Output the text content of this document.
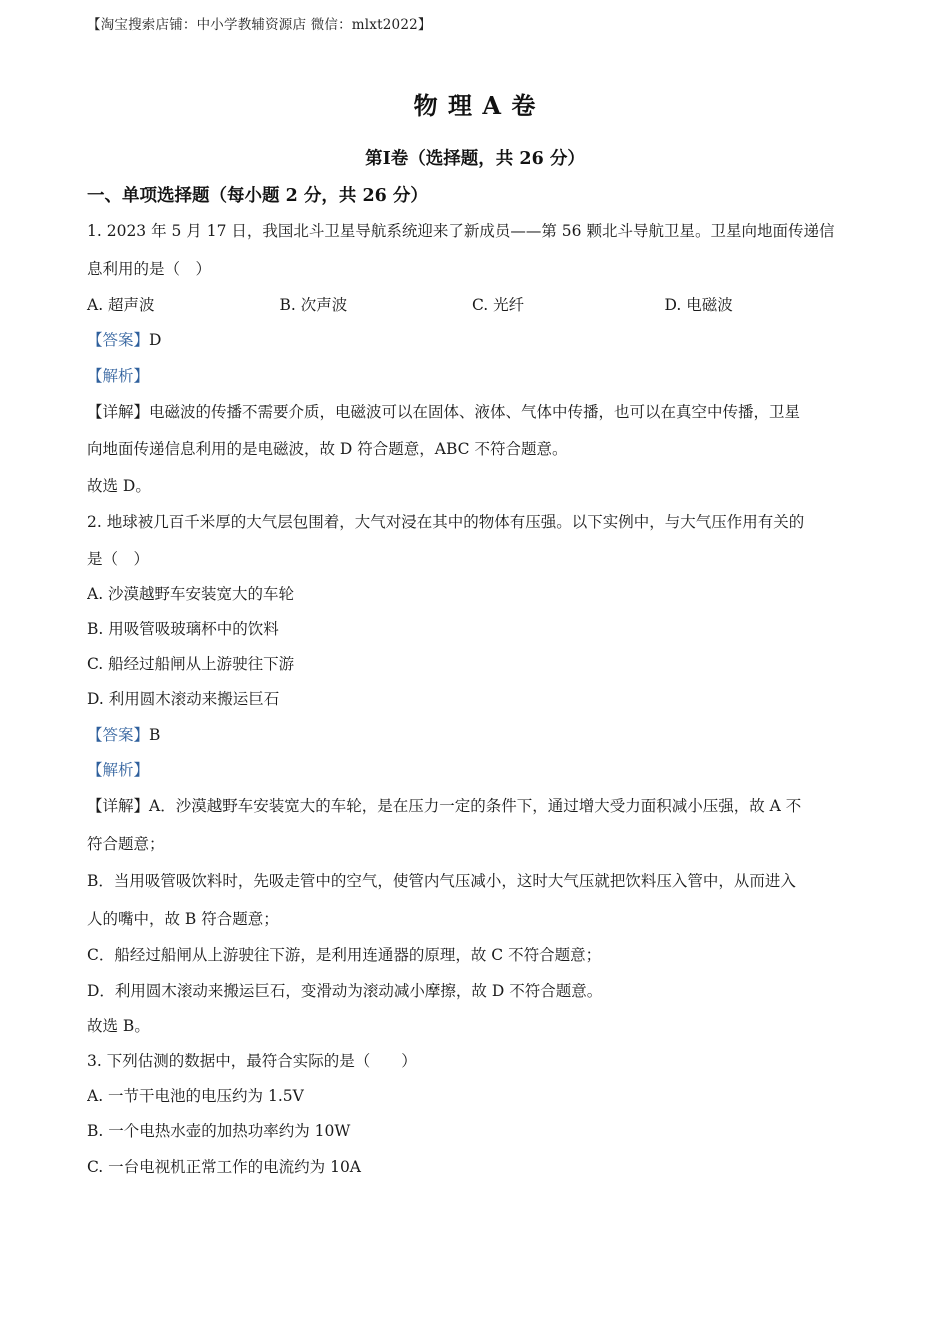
【淘宝搜索店铺：中小学教辅资源店 微信：mlxt2022】
物 理 A 卷
第Ⅰ卷（选择题，共 26 分）
一、单项选择题（每小题 2 分，共 26 分）
1. 2023 年 5 月 17 日，我国北斗卫星导航系统迎来了新成员——第 56 颗北斗导航卫星。卫星向地面传递信
息利用的是（　）
A. 超声波	B. 次声波	C. 光纤	D. 电磁波
【答案】D
【解析】
【详解】电磁波的传播不需要介质，电磁波可以在固体、液体、气体中传播，也可以在真空中传播，卫星
向地面传递信息利用的是电磁波，故 D 符合题意，ABC 不符合题意。
故选 D。
2. 地球被几百千米厚的大气层包围着，大气对浸在其中的物体有压强。以下实例中，与大气压作用有关的
是（　）
A. 沙漠越野车安装宽大的车轮
B. 用吸管吸玻璃杯中的饮料
C. 船经过船闸从上游驶往下游
D. 利用圆木滚动来搬运巨石
【答案】B
【解析】
【详解】A．沙漠越野车安装宽大的车轮，是在压力一定的条件下，通过增大受力面积减小压强，故 A 不
符合题意；
B．当用吸管吸饮料时，先吸走管中的空气，使管内气压减小，这时大气压就把饮料压入管中，从而进入
人的嘴中，故 B 符合题意；
C．船经过船闸从上游驶往下游，是利用连通器的原理，故 C 不符合题意；
D．利用圆木滚动来搬运巨石，变滑动为滚动减小摩擦，故 D 不符合题意。
故选 B。
3. 下列估测的数据中，最符合实际的是（　　）
A. 一节干电池的电压约为 1.5V
B. 一个电热水壶的加热功率约为 10W
C. 一台电视机正常工作的电流约为 10A
